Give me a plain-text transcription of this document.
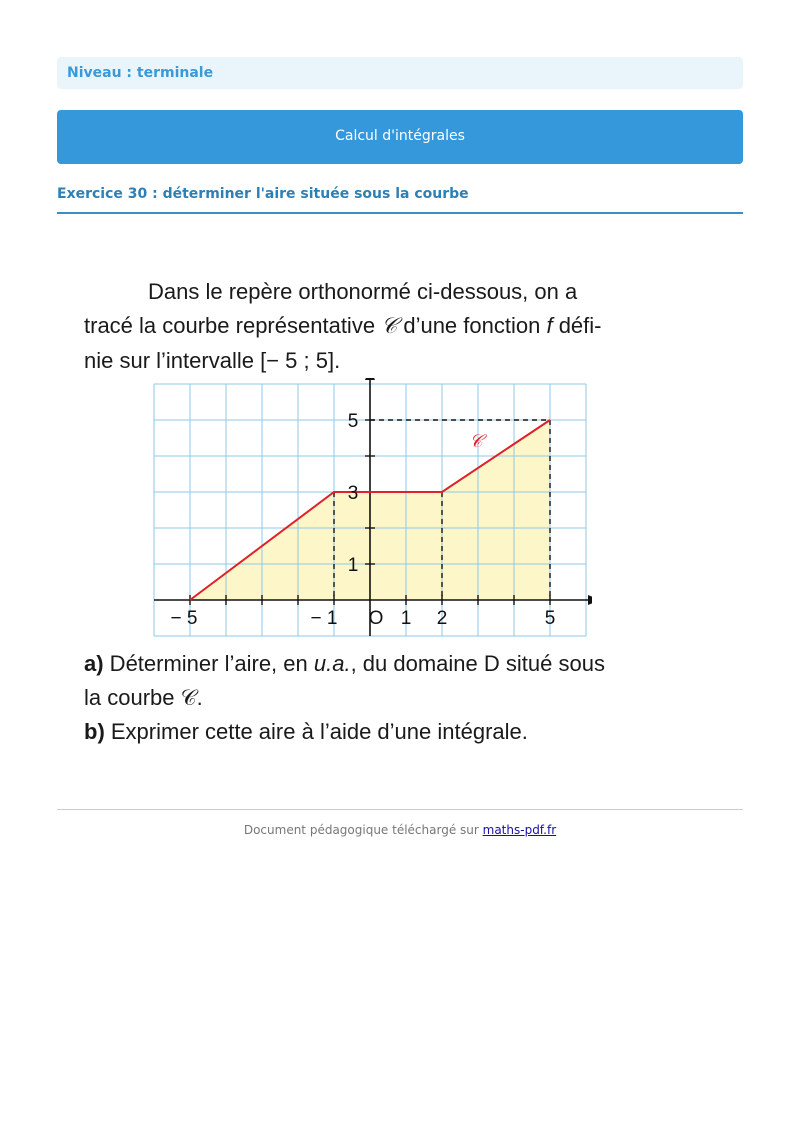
Niveau : terminale
Calcul d'intégrales
Exercice 30 : déterminer l'aire située sous la courbe
Dans le repère orthonormé ci-dessous, on a
tracé la courbe représentative 𝒞 d’une fonction f défi-
nie sur l’intervalle [− 5 ; 5].
− 5	− 1 O 1 2	5
1
3
5
𝒞
a) Déterminer l’aire, en u.a., du domaine D situé sous
la courbe 𝒞.
b) Exprimer cette aire à l’aide d’une intégrale.
Document pédagogique téléchargé sur maths-pdf.fr
